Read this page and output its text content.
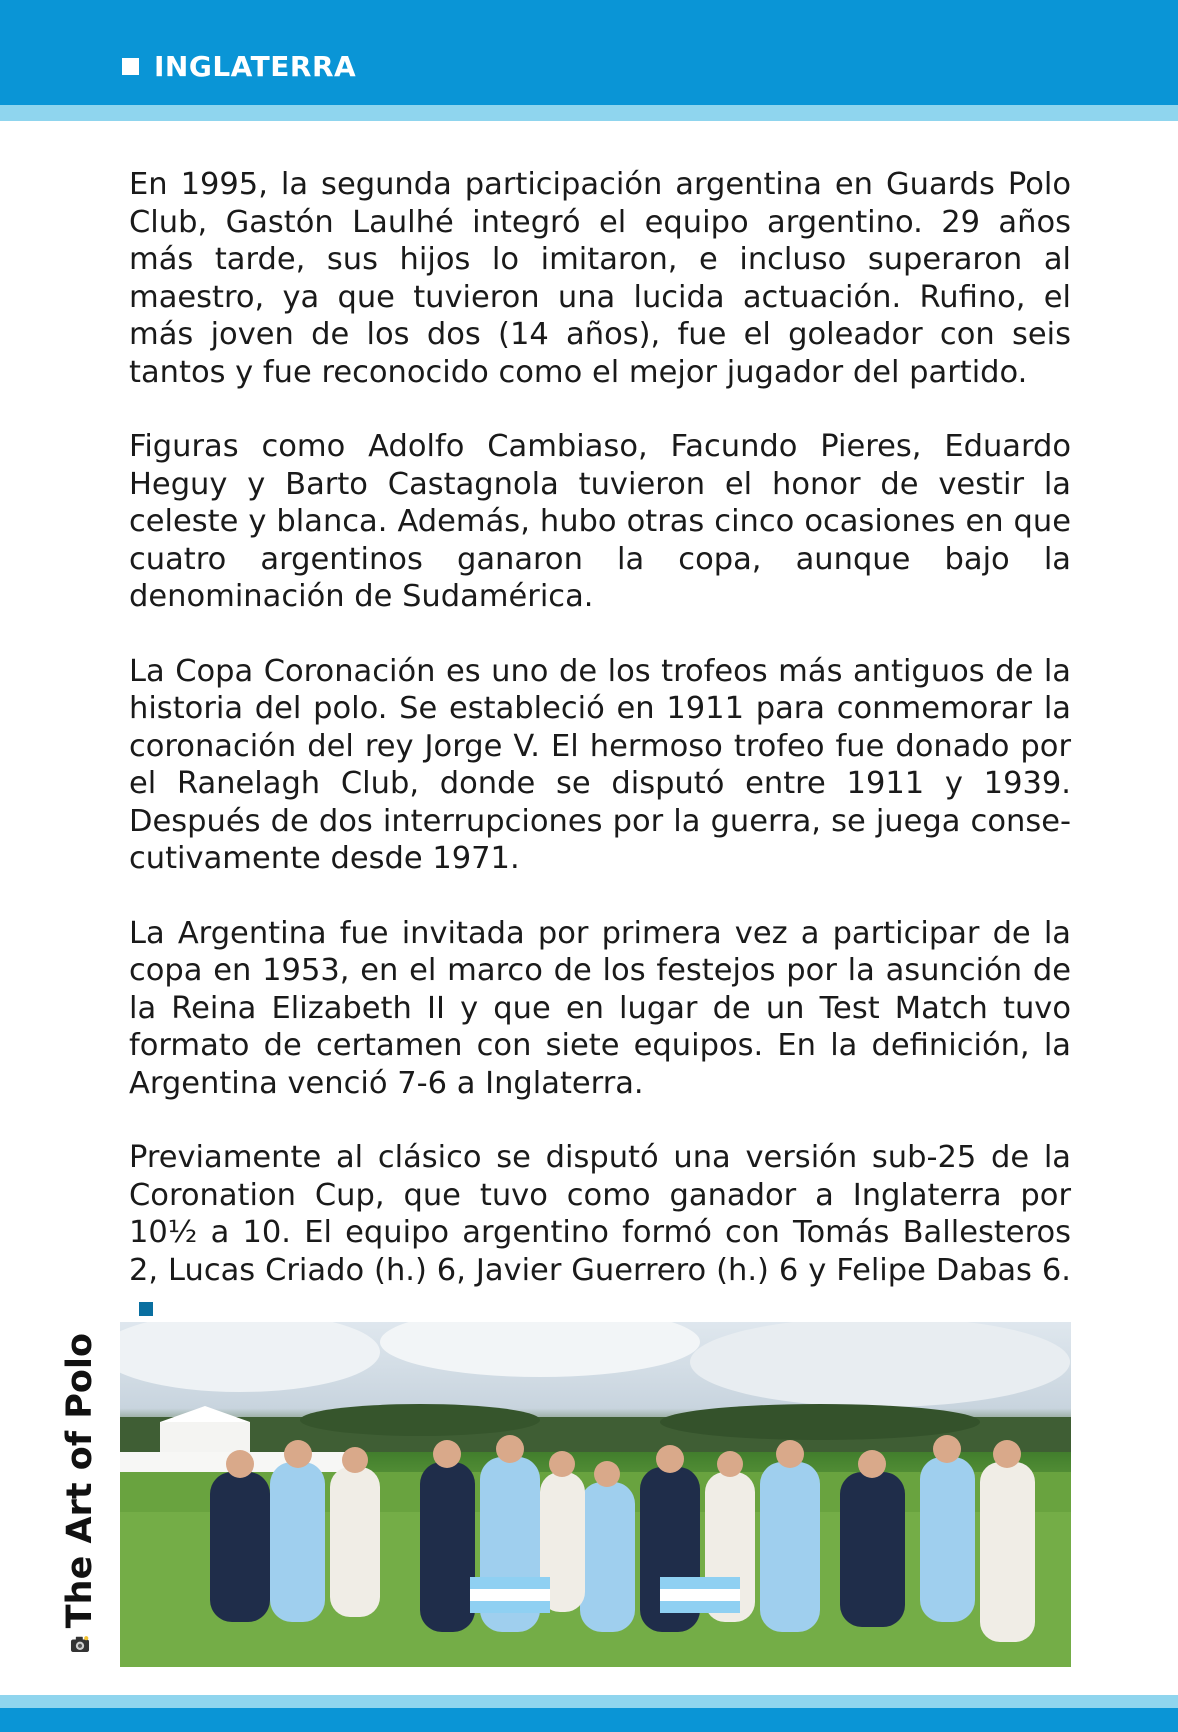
INGLATERRA

En 1995, la segunda participación argentina en Guards Polo Club, Gastón Laulhé integró el equipo argentino. 29 años más tarde, sus hijos lo imitaron, e incluso superaron al maestro, ya que tuvieron una lucida actuación. Rufino, el más joven de los dos (14 años), fue el goleador con seis tantos y fue reconocido como el mejor jugador del partido.

Figuras como Adolfo Cambiaso, Facundo Pieres, Eduardo Heguy y Barto Castagnola tuvieron el honor de vestir la celeste y blanca. Además, hubo otras cinco ocasiones en que cuatro argentinos ganaron la copa, aunque bajo la denominación de Sudamérica.

La Copa Coronación es uno de los trofeos más antiguos de la historia del polo. Se estableció en 1911 para conmemorar la coronación del rey Jorge V. El hermoso trofeo fue donado por el Ranelagh Club, donde se disputó entre 1911 y 1939. Después de dos interrupciones por la guerra, se juega consecutivamente desde 1971.

La Argentina fue invitada por primera vez a participar de la copa en 1953, en el marco de los festejos por la asunción de la Reina Elizabeth II y que en lugar de un Test Match tuvo formato de certamen con siete equipos. En la definición, la Argentina venció 7-6 a Inglaterra.

Previamente al clásico se disputó una versión sub-25 de la Coronation Cup, que tuvo como ganador a Inglaterra por 10½ a 10. El equipo argentino formó con Tomás Ballesteros 2, Lucas Criado (h.) 6, Javier Guerrero (h.) 6 y Felipe Dabas 6.

The Art of Polo
